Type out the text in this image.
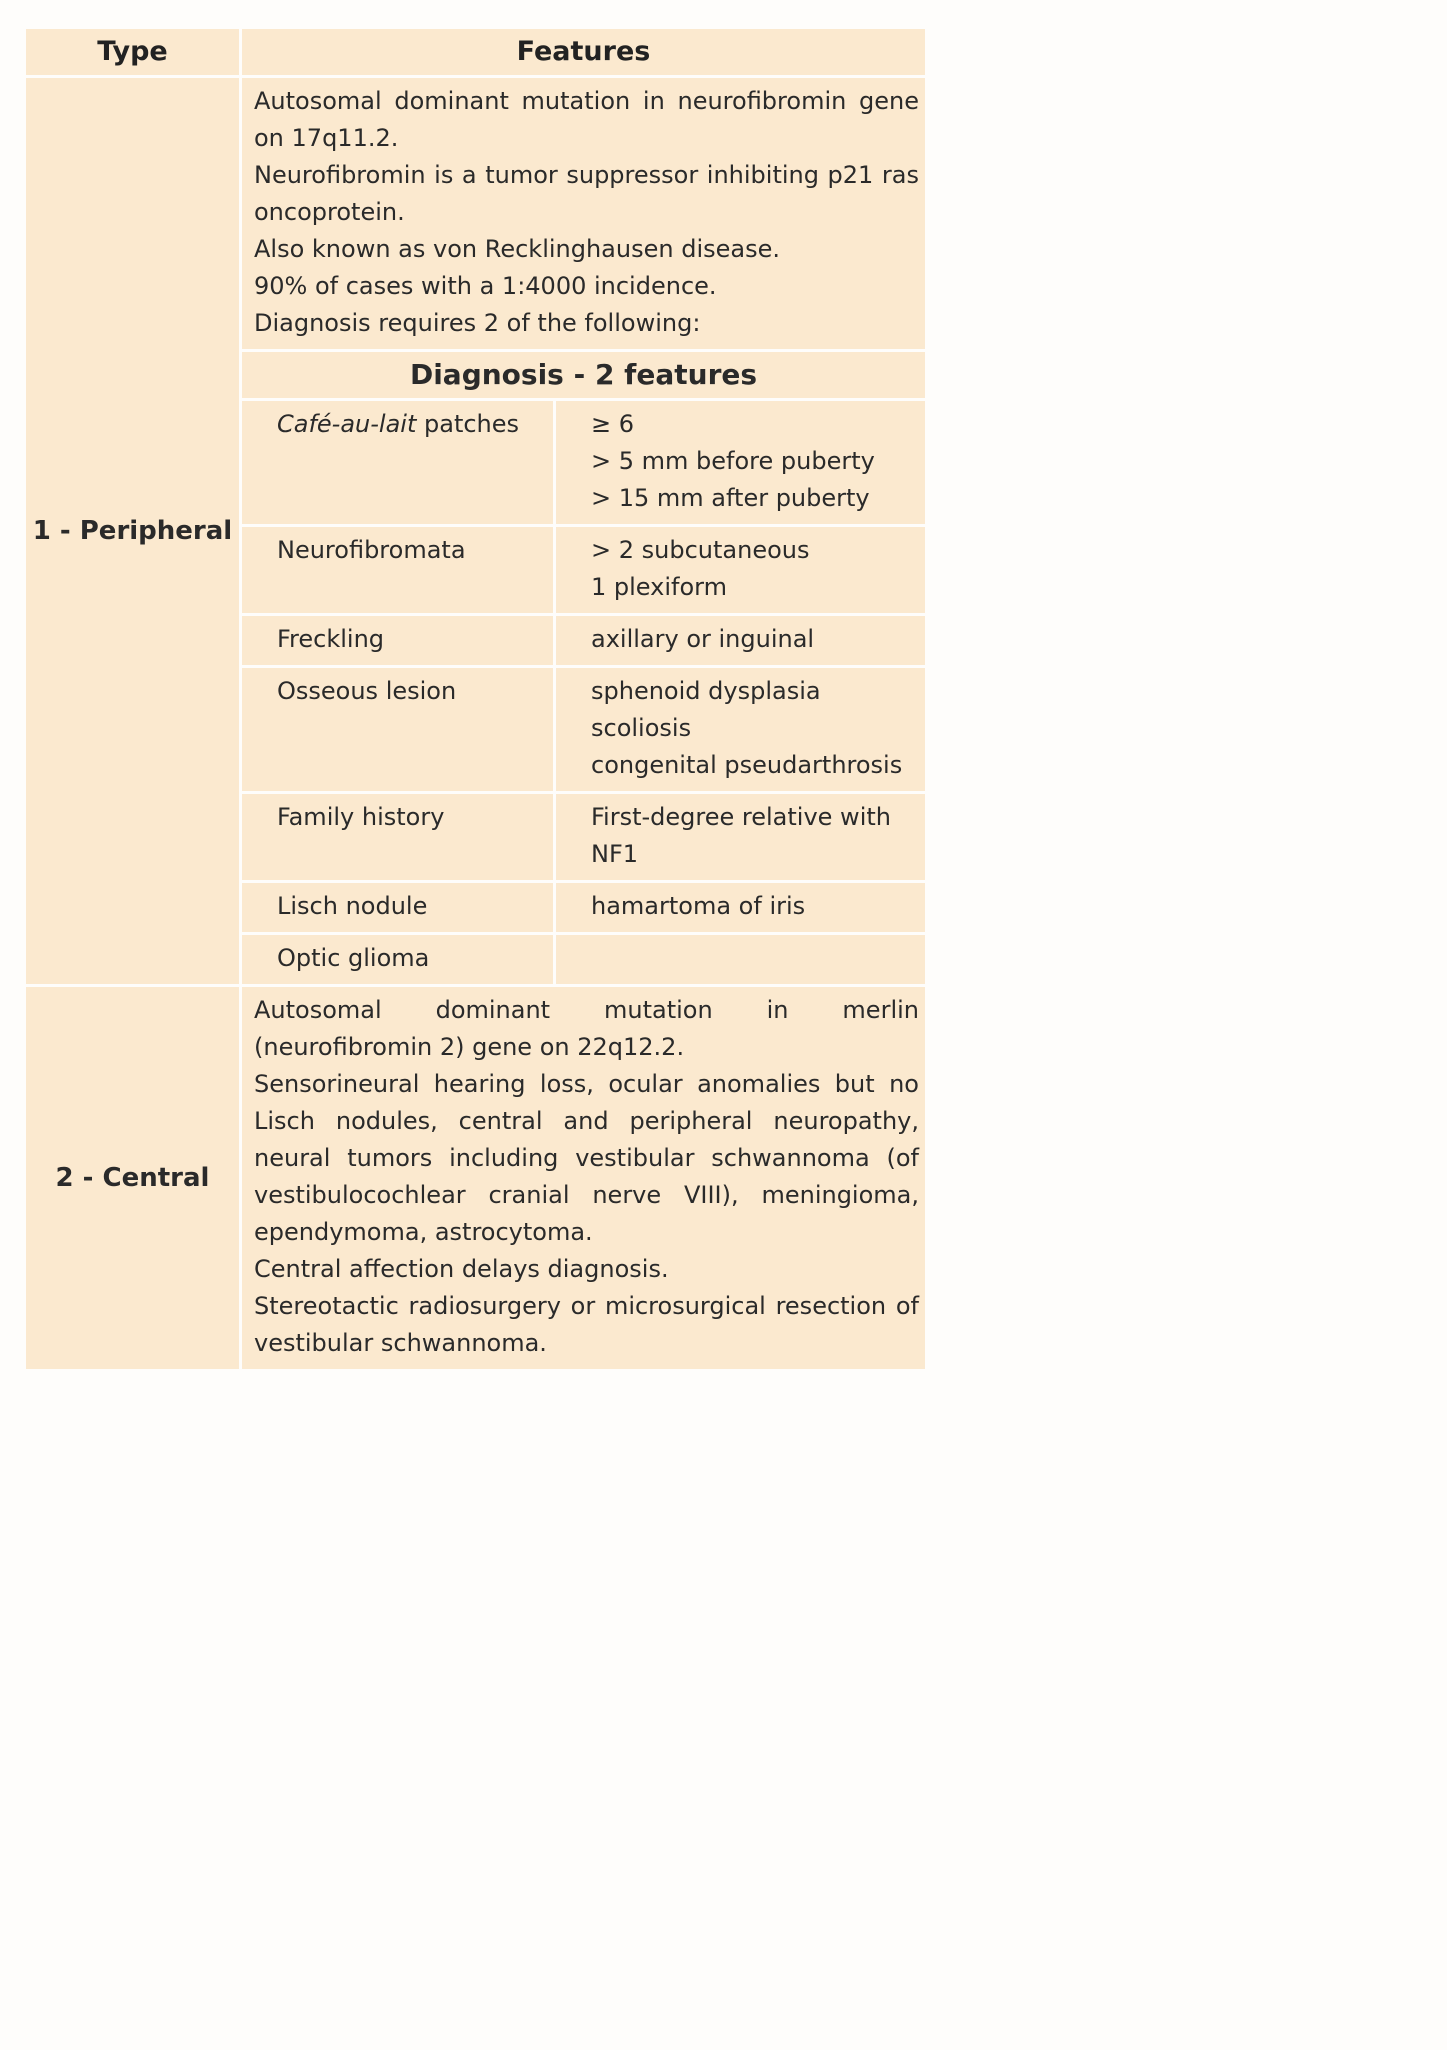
Type	Features	
1 - Peripheral	Autosomal dominant mutation in neurofibromin gene on 17q11.2.
Neurofibromin is a tumor suppressor inhibiting p21 ras oncoprotein.
Also known as von Recklinghausen disease.
90% of cases with a 1:4000 incidence.
Diagnosis requires 2 of the following:	

	Diagnosis - 2 features	
	Café-au-lait patches	≥ 6
> 5 mm before puberty
> 15 mm after puberty

	Neurofibromata	> 2 subcutaneous
1 plexiform

	Freckling	axillary or inguinal

	Osseous lesion	sphenoid dysplasia
scoliosis
congenital pseudarthrosis

	Family history	First-degree relative with NF1

	Lisch nodule	hamartoma of iris

	Optic glioma	
2 - Central	Autosomal dominant mutation in merlin (neurofibromin 2) gene on 22q12.2.
Sensorineural hearing loss, ocular anomalies but no Lisch nodules, central and peripheral neuropathy, neural tumors including vestibular schwannoma (of vestibulocochlear cranial nerve VIII), meningioma, ependymoma, astrocytoma.
Central affection delays diagnosis.
Stereotactic radiosurgery or microsurgical resection of vestibular schwannoma.	
